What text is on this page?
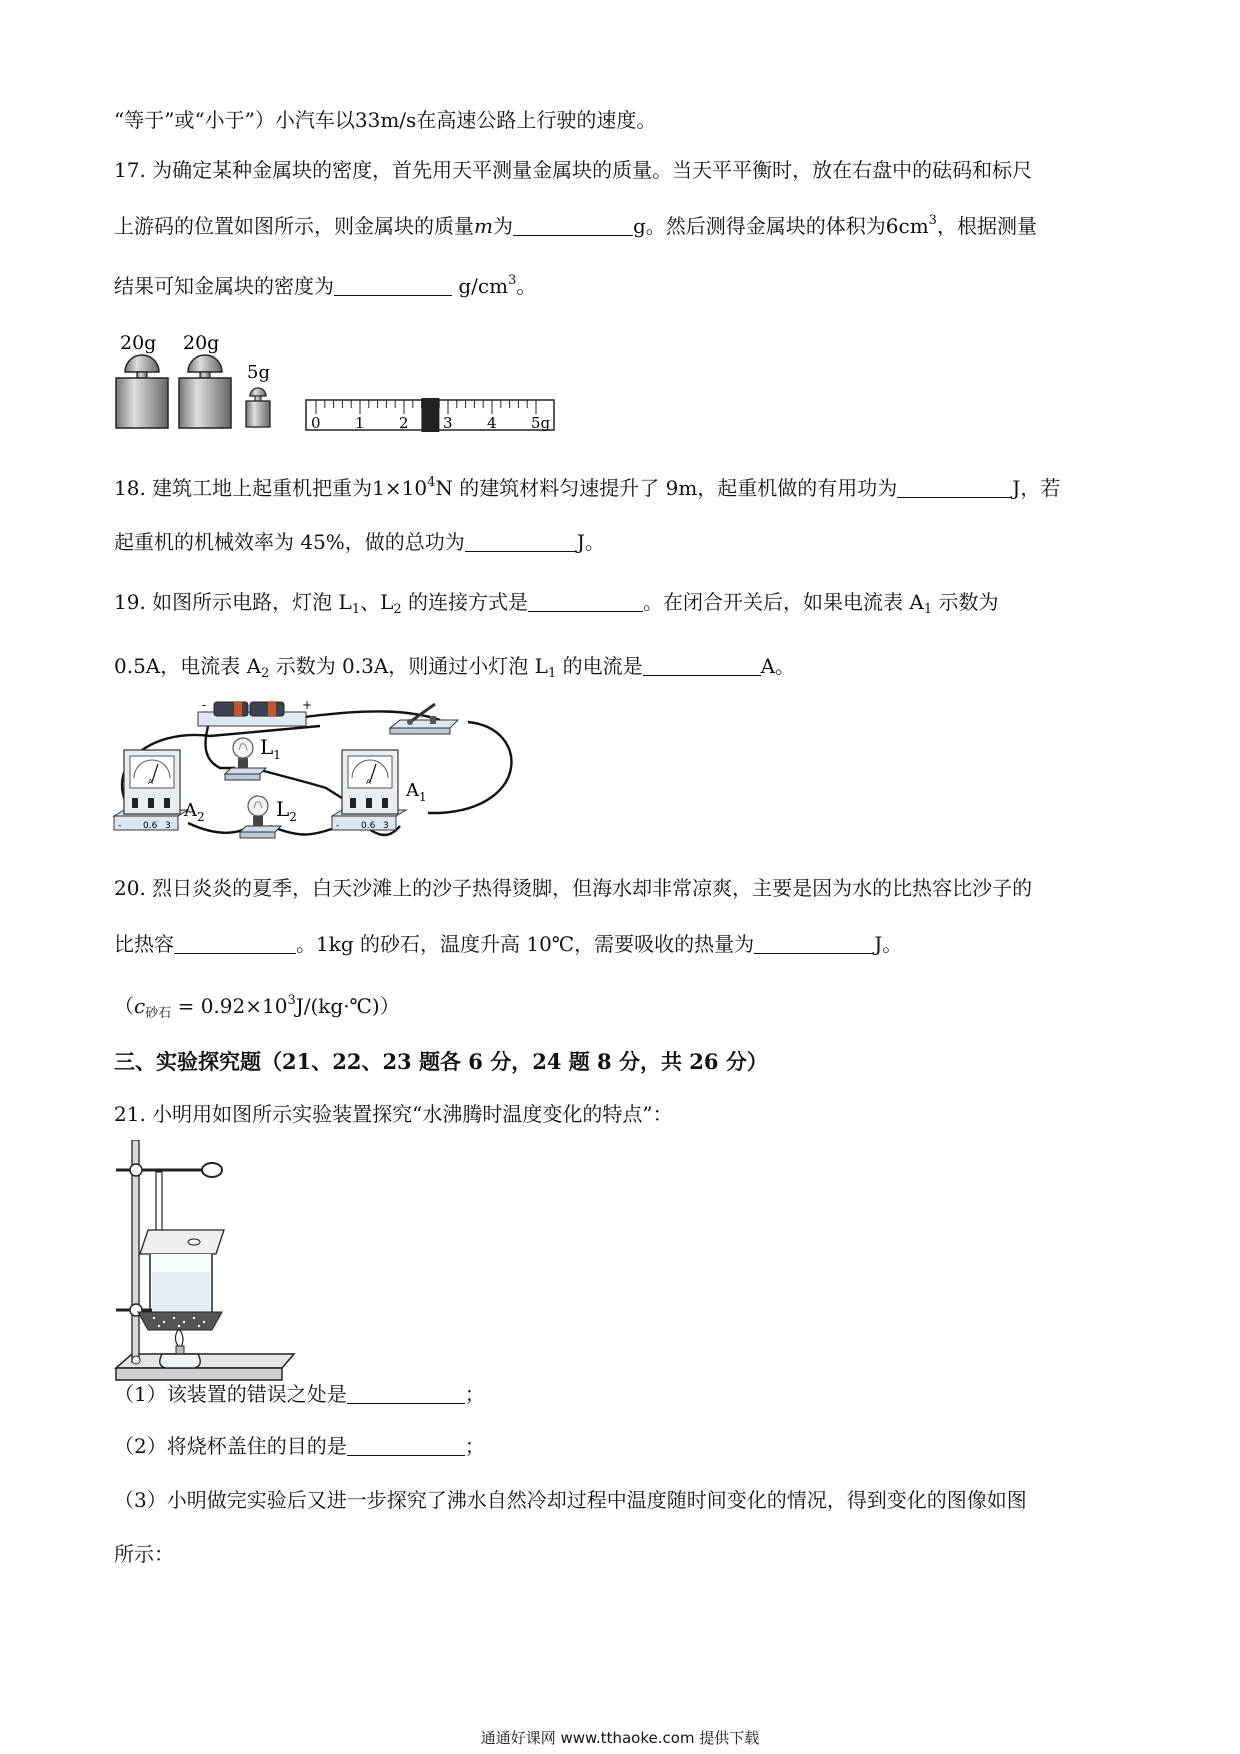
“等于”或“小于”）小汽车以33m/s在高速公路上行驶的速度。
17. 为确定某种金属块的密度，首先用天平测量金属块的质量。当天平平衡时，放在右盘中的砝码和标尺
上游码的位置如图所示，则金属块的质量m为	g。然后测得金属块的体积为$6cm^3$，根据测量
结果可知金属块的密度为	$g/cm^3$。
20g 20g
5g
0 1 2 3 4 5g
18. 建筑工地上起重机把重为$1\times 10^4N$ 的建筑材料匀速提升了 9m，起重机做的有用功为	J，若
起重机的机械效率为 45%，做的总功为	J。
19. 如图所示电路，灯泡 $L_1$、$L_2$ 的连接方式是	。在闭合开关后，如果电流表 $A_1$ 示数为
0.5A，电流表 $A_2$ 示数为 0.3A，则通过小灯泡 $L_1$ 的电流是	A。
-	+
A
- 0.6 3
$A_2$
$L_1$
$L_2$
A
- 0.6 3
$A_1$
20. 烈日炎炎的夏季，白天沙滩上的沙子热得烫脚，但海水却非常凉爽，主要是因为水的比热容比沙子的
比热容	。1kg 的砂石，温度升高 10℃，需要吸收的热量为	J。
（$c_{砂石}$ = $0.92\times 10^3J/(kg\cdot℃)$）
三、实验探究题（21、22、23 题各 6 分，24 题 8 分，共 26 分）
21. 小明用如图所示实验装置探究“水沸腾时温度变化的特点”：
（1）该装置的错误之处是	；
（2）将烧杯盖住的目的是	；
（3）小明做完实验后又进一步探究了沸水自然冷却过程中温度随时间变化的情况，得到变化的图像如图
所示：
通通好课网 www.tthaoke.com 提供下载
